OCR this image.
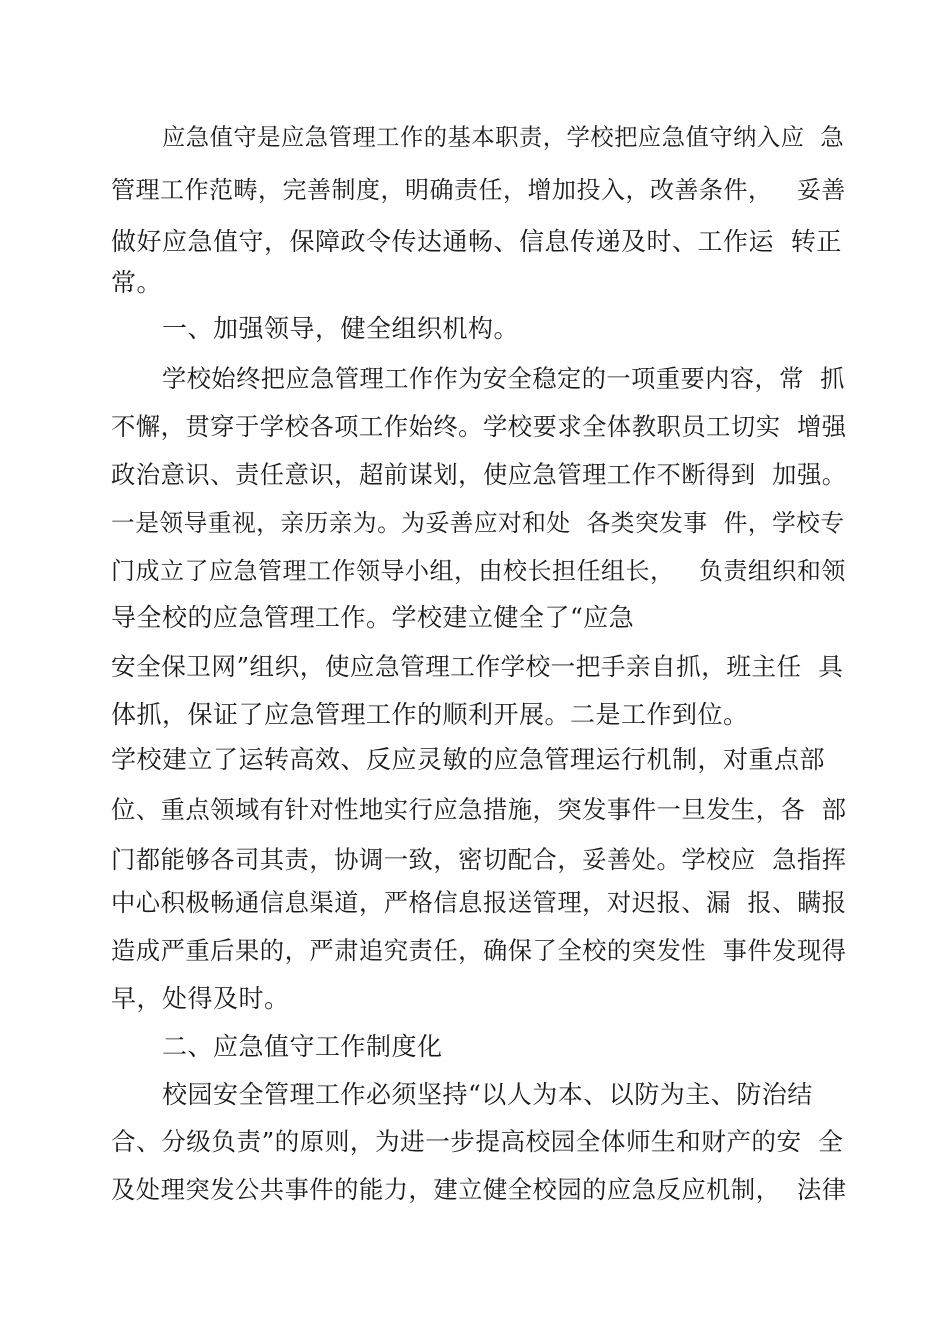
应急值守是应急管理工作的基本职责，学校把应急值守纳入应  急
管理工作范畴，完善制度，明确责任，增加投入，改善条件，   妥善
做好应急值守，保障政令传达通畅、信息传递及时、工作运  转正
常。
一、加强领导，健全组织机构。
学校始终把应急管理工作作为安全稳定的一项重要内容，常  抓
不懈，贯穿于学校各项工作始终。学校要求全体教职员工切实  增强
政治意识、责任意识，超前谋划，使应急管理工作不断得到  加强。
一是领导重视，亲历亲为。为妥善应对和处  各类突发事  件，学校专
门成立了应急管理工作领导小组，由校长担任组长，   负责组织和领
导全校的应急管理工作。学校建立健全了“应急
安全保卫网”组织，使应急管理工作学校一把手亲自抓，班主任  具
体抓，保证了应急管理工作的顺利开展。二是工作到位。
学校建立了运转高效、反应灵敏的应急管理运行机制，对重点部
位、重点领域有针对性地实行应急措施，突发事件一旦发生，各  部
门都能够各司其责，协调一致，密切配合，妥善处。学校应  急指挥
中心积极畅通信息渠道，严格信息报送管理，对迟报、漏  报、瞒报
造成严重后果的，严肃追究责任，确保了全校的突发性  事件发现得
早，处得及时。
二、应急值守工作制度化
校园安全管理工作必须坚持“以人为本、以防为主、防治结
合、分级负责”的原则，为进一步提高校园全体师生和财产的安  全
及处理突发公共事件的能力，建立健全校园的应急反应机制，  法律
